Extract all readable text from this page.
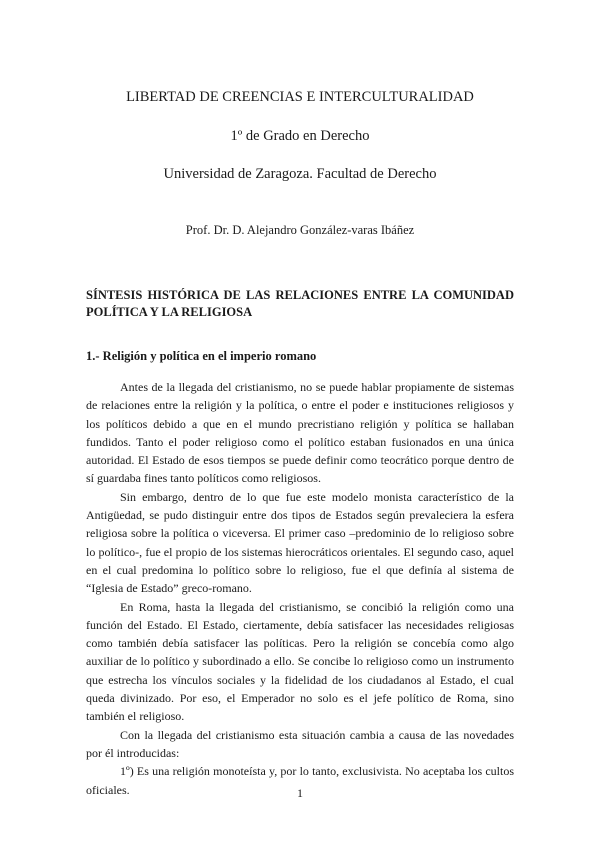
LIBERTAD DE CREENCIAS E INTERCULTURALIDAD
1º de Grado en Derecho
Universidad de Zaragoza. Facultad de Derecho
Prof. Dr. D. Alejandro González-varas Ibáñez
SÍNTESIS HISTÓRICA DE LAS RELACIONES ENTRE LA COMUNIDAD POLÍTICA Y LA RELIGIOSA
1.- Religión y política en el imperio romano

Antes de la llegada del cristianismo, no se puede hablar propiamente de sistemas de relaciones entre la religión y la política, o entre el poder e instituciones religiosos y los políticos debido a que en el mundo precristiano religión y política se hallaban fundidos. Tanto el poder religioso como el político estaban fusionados en una única autoridad. El Estado de esos tiempos se puede definir como teocrático porque dentro de sí guardaba fines tanto políticos como religiosos.

Sin embargo, dentro de lo que fue este modelo monista característico de la Antigüedad, se pudo distinguir entre dos tipos de Estados según prevaleciera la esfera religiosa sobre la política o viceversa. El primer caso –predominio de lo religioso sobre lo político-, fue el propio de los sistemas hierocráticos orientales. El segundo caso, aquel en el cual predomina lo político sobre lo religioso, fue el que definía al sistema de “Iglesia de Estado” greco-romano.

En Roma, hasta la llegada del cristianismo, se concibió la religión como una función del Estado. El Estado, ciertamente, debía satisfacer las necesidades religiosas como también debía satisfacer las políticas. Pero la religión se concebía como algo auxiliar de lo político y subordinado a ello. Se concibe lo religioso como un instrumento que estrecha los vínculos sociales y la fidelidad de los ciudadanos al Estado, el cual queda divinizado. Por eso, el Emperador no solo es el jefe político de Roma, sino también el religioso.

Con la llegada del cristianismo esta situación cambia a causa de las novedades por él introducidas:

1º) Es una religión monoteísta y, por lo tanto, exclusivista. No aceptaba los cultos oficiales.	1
